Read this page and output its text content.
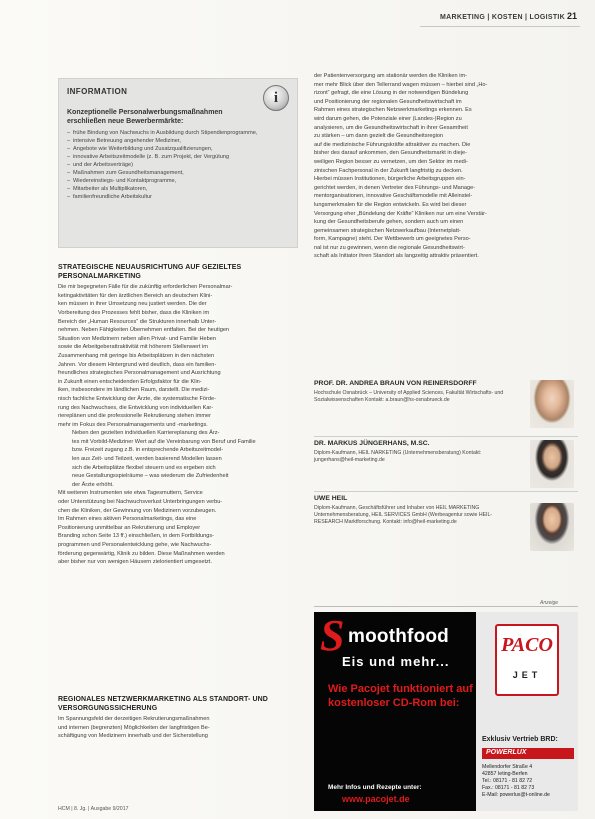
MARKETING | KOSTEN | LOGISTIK 21
INFORMATION	i
Konzeptionelle Personalwerbungsmaßnahmen erschließen neue Bewerbermärkte:
– frühe Bindung von Nachwuchs in Ausbildung durch Stipendienprogramme,
– intensive Betreuung angehender Mediziner,
– Angebote wie Weiterbildung und Zusatzqualifizierungen,
– innovative Arbeitszeitmodelle (z. B. zum Projekt, der Vergütung
– und der Arbeitsverträge)
– Maßnahmen zum Gesundheitsmanagement,
– Wiedereinstiegs- und Kontaktprogramme,
– Mitarbeiter als Multiplikatoren,
– familienfreundliche Arbeitskultur
STRATEGISCHE NEUAUSRICHTUNG AUF GEZIELTES PERSONALMARKETING
Die mir begegneten Fälle für die zukünftig erforderlichen Personalmar-
ketingaktivitäten für den ärztlichen Bereich an deutschen Klini-
ken müssen in ihrer Umsetzung neu justiert werden. Die der
Vorbereitung des Prozesses fehlt bisher, dass die Kliniken im
Bereich der „Human Resources“ die Strukturen innerhalb Unter-
nehmen. Neben Fähigkeiten Übernehmen entfalten. Bei der heutigen
Situation von Medizinern neben allen Privat- und Familie Heben
sowie die Arbeitgeberattraktivität mit höherem Stellenwert im
Zusammenhang mit geringe bis Arbeitsplätzen in den nächsten
Jahren. Vor diesem Hintergrund wird deutlich, dass ein familien-
freundliches strategisches Personalmanagement und Ausrichtung
in Zukunft einen entscheidenden Erfolgsfaktor für die Klin-
iken, insbesondere im ländlichen Raum, darstellt. Die medizi-
nisch fachliche Entwicklung der Ärzte, die systematische Förde-
rung des Nachwuchses, die Entwicklung von individuellen Kar-
riereplänen und die professionelle Rekrutierung stehen immer
mehr im Fokus des Personalmanagements und -marketings.
Neben den gezielten individuellen Karriereplanung des Ärz-
tes mit Vorbild-Mediziner Wert auf die Vereinbarung von Beruf und Familie
bzw. Freizeit zugang z.B. in entsprechende Arbeitszeitmodel-
len aus Zeit- und Teilzeit, werden basierend Modellen lassen
sich die Arbeitsplätze flexibel steuern und es ergeben sich
neue Gestaltungsspielräume – was wiederum die Zufriedenheit
der Ärzte erhöht.
Mit weiteren Instrumenten wie etwa Tagesmuttern, Service
oder Unterstützung bei Nachwuchsverlust Unterbringungen verbu-
chen die Kliniken, der Gewinnung von Medizinern vorzubeugen.
Im Rahmen eines aktiven Personalmarketings, das eine
Positionierung unmittelbar an Rekrutierung und Employer
Branding schon Seite 13 ff.) einschließen, in dem Fortbildungs-
programmen und Personalentwicklung gehe, wie Nachwuchs-
förderung gegenwärtig, Klinik zu bilden. Diese Maßnahmen werden
aber bisher nur von wenigen Häusern zielorientiert umgesetzt.
REGIONALES NETZWERKMARKETING ALS STANDORT- UND VERSORGUNGSSICHERUNG
Im Spannungsfeld der derzeitigen Rekrutierungsmaßnahmen
und internen (begrenzten) Möglichkeiten der langfristigen Be-
schäftigung von Medizinern innerhalb und der Sicherstellung
der Patientenversorgung am stationär werden die Kliniken im-
mer mehr Blick über den Tellerrand wagen müssen – hierbei sind „Ho-
rizont“ gefragt, die eine Lösung in der notwendigen Bündelung
und Positionierung der regionalen Gesundheitswirtschaft im
Rahmen eines strategischen Netzwerkmarketings erkennen. Es
wird darum gehen, die Potenziale einer (Landes-)Region zu
analysieren, um die Gesundheitswirtschaft in ihrer Gesamtheit
zu stärken – um dann gezielt die Gesundheitsregion
auf die medizinische Führungskräfte attraktiver zu machen. Die
bisher des darauf ankommen, den Gesundheitsmarkt in dieje-
weiligen Region besser zu vernetzen, um den Sektor im medi-
zinischen Fachpersonal in der Zukunft langfristig zu decken.
Hierbei müssen Institutionen, bürgerliche Arbeitsgruppen ein-
gerichtet werden, in denen Vertreter des Führungs- und Manage-
mentorganisationen, innovative Geschäftsmodelle mit Alleinstel-
lungsmerkmalen für die Region entwickeln. Es wird bei dieser
Versorgung eher „Bündelung der Kräfte“ Kliniken nur um eine Verstär-
kung der Gesundheitsberufe gehen, sondern auch um einen
gemeinsamen strategischen Netzwerkaufbau (Internetplatt-
form, Kampagne) steht. Der Wettbewerb um geeignetes Perso-
nal ist nur zu gewinnen, wenn die regionale Gesundheitswirt-
schaft als Initiator ihren Standort als langzeitig attraktiv präsentiert.
PROF. DR. ANDREA BRAUN VON REINERSDORFF
Hochschule Osnabrück – University of Applied Sciences, Fakultät Wirtschafts- und Sozialwissenschaften Kontakt: a.braun@hs-osnabrueck.de
DR. MARKUS JÜNGERHANS, M.SC.
Diplom-Kaufmann, HEIL NARKETING (Unternehmensberatung) Kontakt: jungerhans@heil-marketing.de
UWE HEIL
Diplom-Kaufmann, Geschäftsführer und Inhaber von HEIL MARKETING Unternehmensberatung, HEIL SERVICES GmbH (Werbeagentur sowie HEIL-RESEARCH Marktforschung. Kontakt: info@heil-marketing.de
Anzeige
S moothfood
Eis und mehr...
Wie Pacojet funktioniert auf kostenloser CD-Rom bei:
Mehr Infos und Rezepte unter:
www.pacojet.de
PACO
JET
Exklusiv Vertrieb BRD:
POWERLUX
Mellendorfer Straße 4
42857 Ieting-Berfen
Tel.: 08171 - 81 82 72
Fax.: 08171 - 81 82 73
E-Mail: powerlux@t-online.de
HCM | 8. Jg. | Ausgabe 9/2017
